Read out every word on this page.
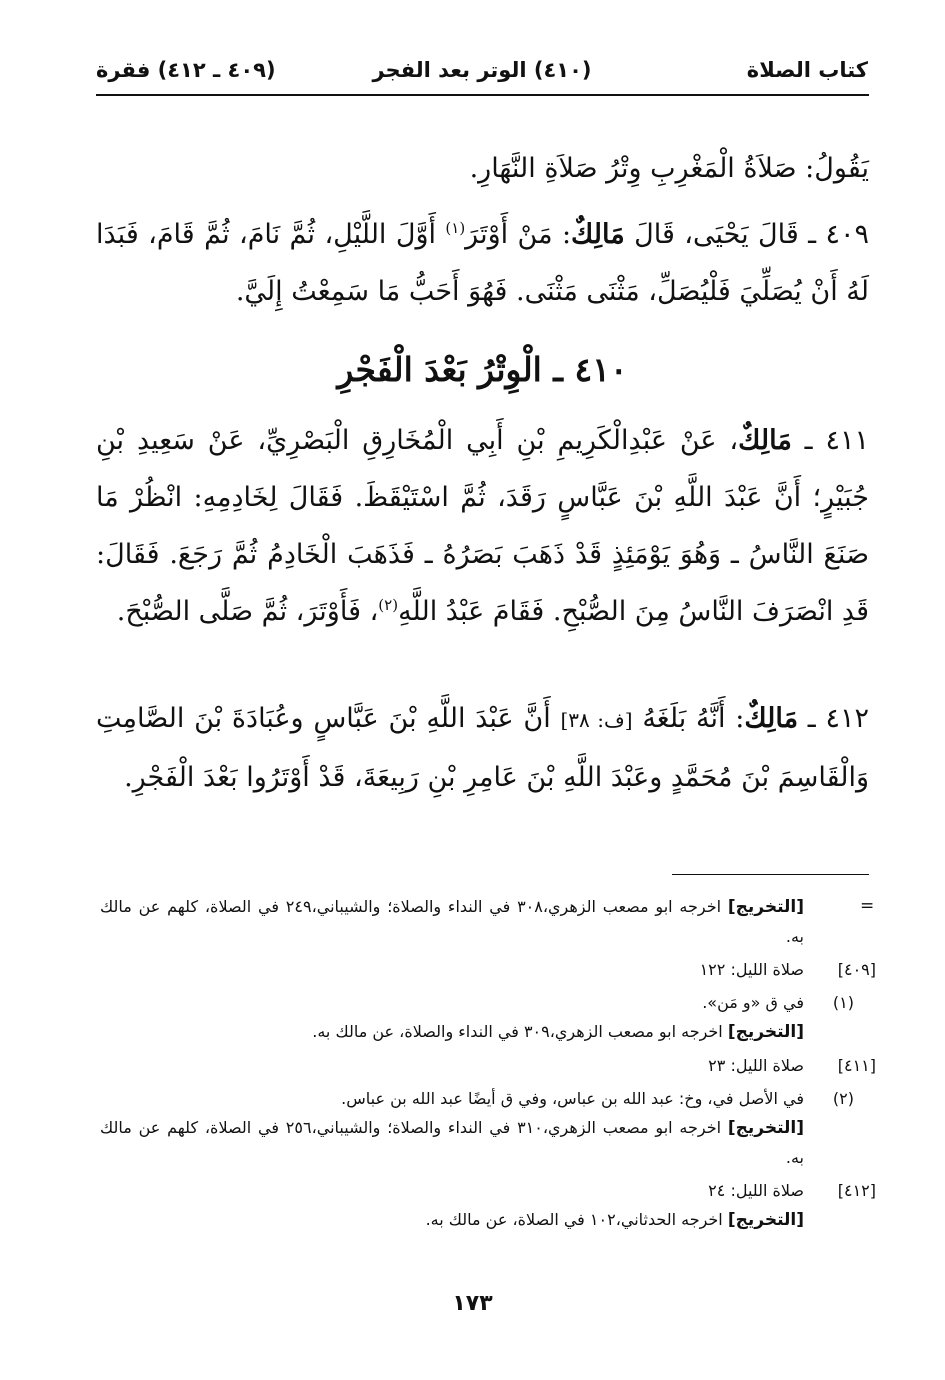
كتاب الصلاة
(٤١٠) الوتر بعد الفجر
(٤٠٩ ـ ٤١٢) فقرة

يَقُولُ: صَلاَةُ الْمَغْرِبِ وِتْرُ صَلاَةِ النَّهَارِ.

٤٠٩ ـ قَالَ يَحْيَى، قَالَ مَالِكٌ: مَنْ أَوْتَرَ$^{(١)}$ أَوَّلَ اللَّيْلِ، ثُمَّ نَامَ، ثُمَّ قَامَ، فَبَدَا لَهُ أَنْ يُصَلِّيَ فَلْيُصَلِّ، مَثْنَى مَثْنَى. فَهُوَ أَحَبُّ مَا سَمِعْتُ إِلَيَّ.

٤١٠ ـ الْوِتْرُ بَعْدَ الْفَجْرِ

٤١١ ـ مَالِكٌ، عَنْ عَبْدِالْكَرِيمِ بْنِ أَبِي الْمُخَارِقِ الْبَصْرِيِّ، عَنْ سَعِيدِ بْنِ جُبَيْرٍ؛ أَنَّ عَبْدَ اللَّهِ بْنَ عَبَّاسٍ رَقَدَ، ثُمَّ اسْتَيْقَظَ. فَقَالَ لِخَادِمِهِ: انْظُرْ مَا صَنَعَ النَّاسُ ـ وَهُوَ يَوْمَئِذٍ قَدْ ذَهَبَ بَصَرُهُ ـ فَذَهَبَ الْخَادِمُ ثُمَّ رَجَعَ. فَقَالَ: قَدِ انْصَرَفَ النَّاسُ مِنَ الصُّبْحِ. فَقَامَ عَبْدُ اللَّهِ$^{(٢)}$، فَأَوْتَرَ، ثُمَّ صَلَّى الصُّبْحَ.

٤١٢ ـ مَالِكٌ: أَنَّهُ بَلَغَهُ [ف: ٣٨] أَنَّ عَبْدَ اللَّهِ بْنَ عَبَّاسٍ وعُبَادَةَ بْنَ الصَّامِتِ وَالْقَاسِمَ بْنَ مُحَمَّدٍ وعَبْدَ اللَّهِ بْنَ عَامِرِ بْنِ رَبِيعَةَ، قَدْ أَوْتَرُوا بَعْدَ الْفَجْرِ.

=
[التخريج] اخرجه ابو مصعب الزهري،٣٠٨ في النداء والصلاة؛ والشيباني،٢٤٩ في الصلاة، كلهم عن مالك به.
[٤٠٩]
صلاة الليل: ١٢٢
(١)
في ق «و مَن».
[التخريج] اخرجه ابو مصعب الزهري،٣٠٩ في النداء والصلاة، عن مالك به.
[٤١١]
صلاة الليل: ٢٣
(٢)
في الأصل في، وخ: عبد الله بن عباس، وفي ق أيضًا عبد الله بن عباس.
[التخريج] اخرجه ابو مصعب الزهري،٣١٠ في النداء والصلاة؛ والشيباني،٢٥٦ في الصلاة، كلهم عن مالك به.
[٤١٢]
صلاة الليل: ٢٤
[التخريج] اخرجه الحدثاني،١٠٢ في الصلاة، عن مالك به.
١٧٣
